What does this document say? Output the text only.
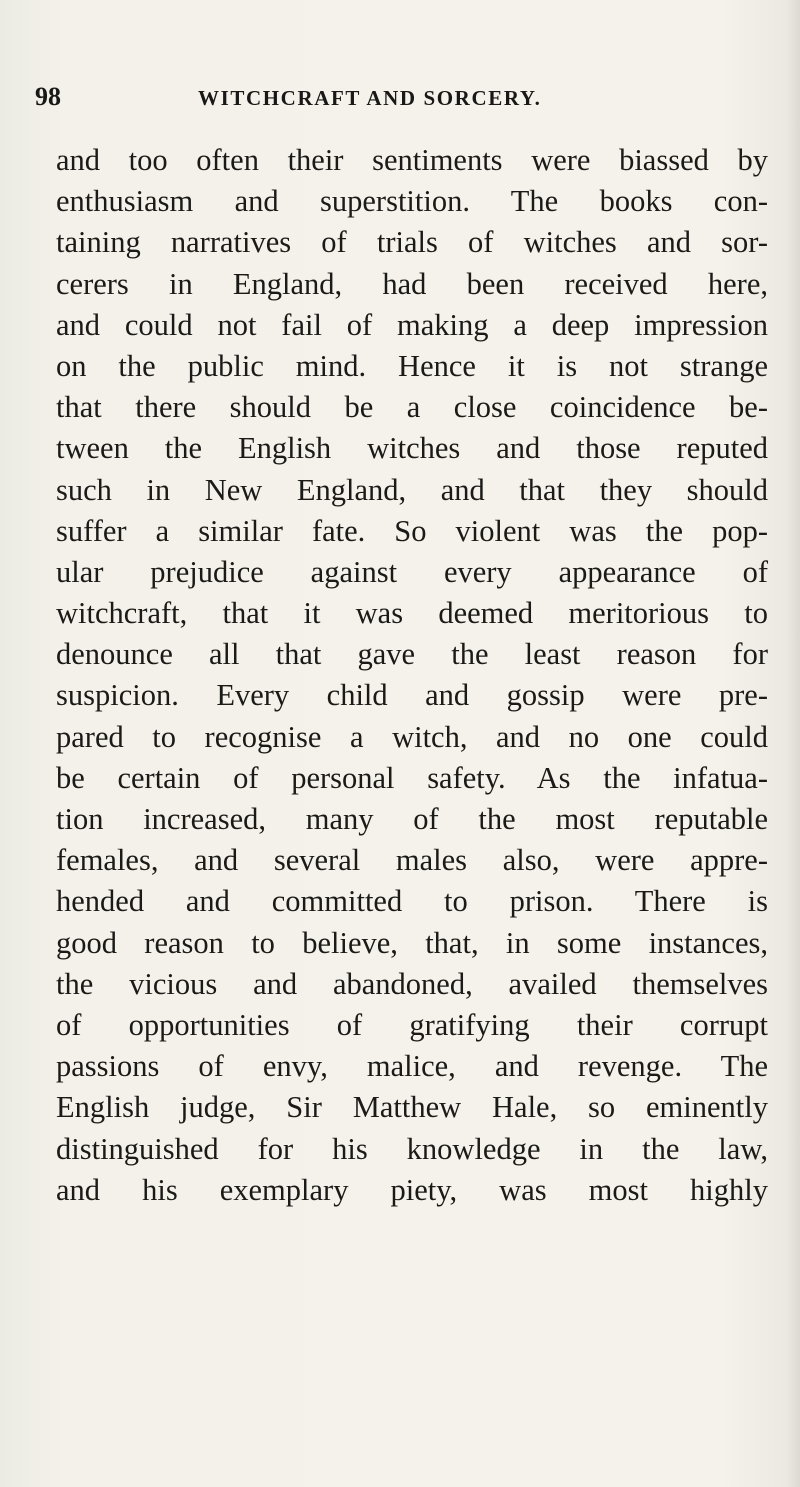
98	WITCHCRAFT AND SORCERY.
and too often their sentiments were biassed by
enthusiasm and superstition. The books con-
taining narratives of trials of witches and sor-
cerers in England, had been received here,
and could not fail of making a deep impression
on the public mind. Hence it is not strange
that there should be a close coincidence be-
tween the English witches and those reputed
such in New England, and that they should
suffer a similar fate. So violent was the pop-
ular prejudice against every appearance of
witchcraft, that it was deemed meritorious to
denounce all that gave the least reason for
suspicion. Every child and gossip were pre-
pared to recognise a witch, and no one could
be certain of personal safety. As the infatua-
tion increased, many of the most reputable
females, and several males also, were appre-
hended and committed to prison. There is
good reason to believe, that, in some instances,
the vicious and abandoned, availed themselves
of opportunities of gratifying their corrupt
passions of envy, malice, and revenge. The
English judge, Sir Matthew Hale, so eminently
distinguished for his knowledge in the law,
and his exemplary piety, was most highly
